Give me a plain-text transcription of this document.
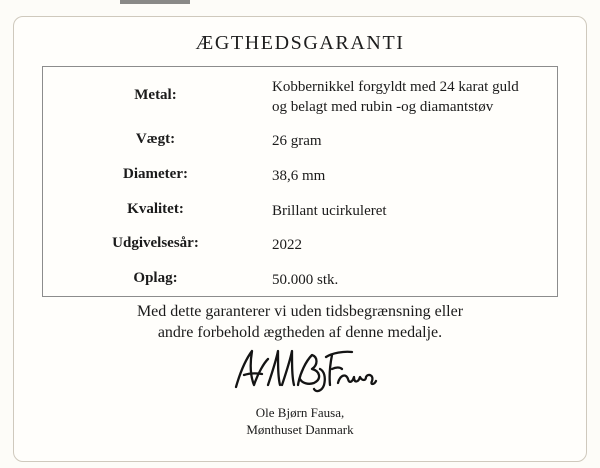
ÆGTHEDSGARANTI
Metal:	Kobbernikkel forgyldt med 24 karat guld
og belagt med rubin -og diamantstøv
Vægt:	26 gram
Diameter:	38,6 mm
Kvalitet:	Brillant ucirkuleret
Udgivelsesår:	2022
Oplag:	50.000 stk.
Med dette garanterer vi uden tidsbegrænsning eller
andre forbehold ægtheden af denne medalje.
Ole Bjørn Fausa,
Mønthuset Danmark
